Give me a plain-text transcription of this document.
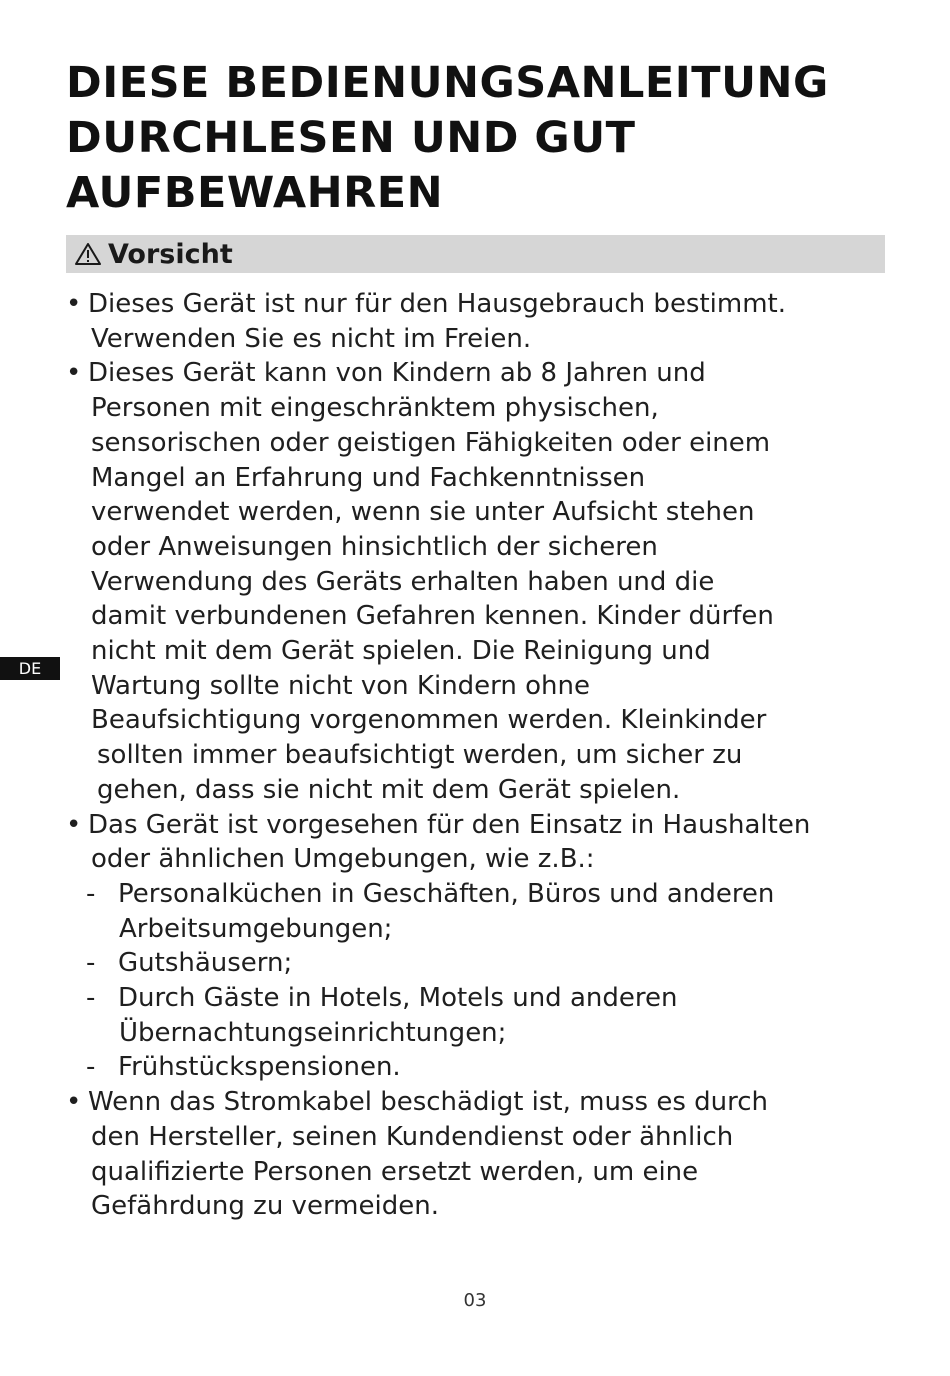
DIESE BEDIENUNGSANLEITUNG
DURCHLESEN UND GUT
AUFBEWAHREN
Vorsicht
• Dieses Gerät ist nur für den Hausgebrauch bestimmt.
Verwenden Sie es nicht im Freien.
• Dieses Gerät kann von Kindern ab 8 Jahren und
Personen mit eingeschränktem physischen,
sensorischen oder geistigen Fähigkeiten oder einem
Mangel an Erfahrung und Fachkenntnissen
verwendet werden, wenn sie unter Aufsicht stehen
oder Anweisungen hinsichtlich der sicheren
Verwendung des Geräts erhalten haben und die
damit verbundenen Gefahren kennen. Kinder dürfen
nicht mit dem Gerät spielen. Die Reinigung und
Wartung sollte nicht von Kindern ohne
Beaufsichtigung vorgenommen werden. Kleinkinder
sollten immer beaufsichtigt werden, um sicher zu
gehen, dass sie nicht mit dem Gerät spielen.
• Das Gerät ist vorgesehen für den Einsatz in Haushalten
oder ähnlichen Umgebungen, wie z.B.:
- Personalküchen in Geschäften, Büros und anderen
Arbeitsumgebungen;
- Gutshäusern;
- Durch Gäste in Hotels, Motels und anderen
Übernachtungseinrichtungen;
- Frühstückspensionen.
• Wenn das Stromkabel beschädigt ist, muss es durch
den Hersteller, seinen Kundendienst oder ähnlich
qualifizierte Personen ersetzt werden, um eine
Gefährdung zu vermeiden.
DE
03
